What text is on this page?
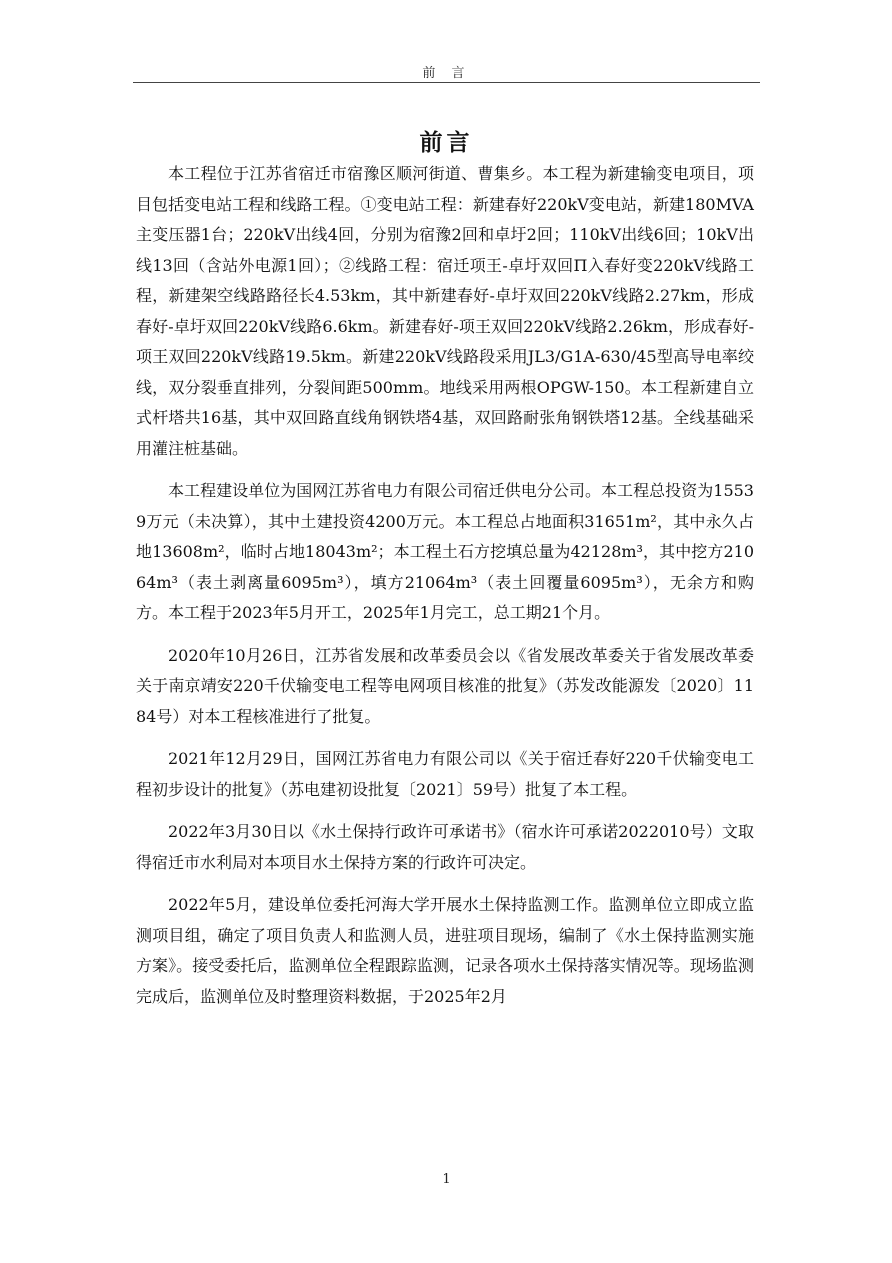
前 言
前言

本工程位于江苏省宿迁市宿豫区顺河街道、曹集乡。本工程为新建输变电项目，项目包括变电站工程和线路工程。①变电站工程：新建春好220kV变电站，新建180MVA主变压器1台；220kV出线4回，分别为宿豫2回和卓圩2回；110kV出线6回；10kV出线13回（含站外电源1回）；②线路工程：宿迁项王-卓圩双回Π入春好变220kV线路工程，新建架空线路路径长4.53km，其中新建春好-卓圩双回220kV线路2.27km，形成春好-卓圩双回220kV线路6.6km。新建春好-项王双回220kV线路2.26km，形成春好-项王双回220kV线路19.5km。新建220kV线路段采用JL3/G1A-630/45型高导电率绞线，双分裂垂直排列，分裂间距500mm。地线采用两根OPGW-150。本工程新建自立式杆塔共16基，其中双回路直线角钢铁塔4基，双回路耐张角钢铁塔12基。全线基础采用灌注桩基础。

本工程建设单位为国网江苏省电力有限公司宿迁供电分公司。本工程总投资为15539万元（未决算），其中土建投资4200万元。本工程总占地面积31651m²，其中永久占地13608m²，临时占地18043m²；本工程土石方挖填总量为42128m³，其中挖方21064m³（表土剥离量6095m³），填方21064m³（表土回覆量6095m³），无余方和购方。本工程于2023年5月开工，2025年1月完工，总工期21个月。

2020年10月26日，江苏省发展和改革委员会以《省发展改革委关于省发展改革委关于南京靖安220千伏输变电工程等电网项目核准的批复》（苏发改能源发〔2020〕1184号）对本工程核准进行了批复。

2021年12月29日，国网江苏省电力有限公司以《关于宿迁春好220千伏输变电工程初步设计的批复》（苏电建初设批复〔2021〕59号）批复了本工程。

2022年3月30日以《水土保持行政许可承诺书》（宿水许可承诺2022010号）文取得宿迁市水利局对本项目水土保持方案的行政许可决定。

2022年5月，建设单位委托河海大学开展水土保持监测工作。监测单位立即成立监测项目组，确定了项目负责人和监测人员，进驻项目现场，编制了《水土保持监测实施方案》。接受委托后，监测单位全程跟踪监测，记录各项水土保持落实情况等。现场监测完成后，监测单位及时整理资料数据，于2025年2月

1
